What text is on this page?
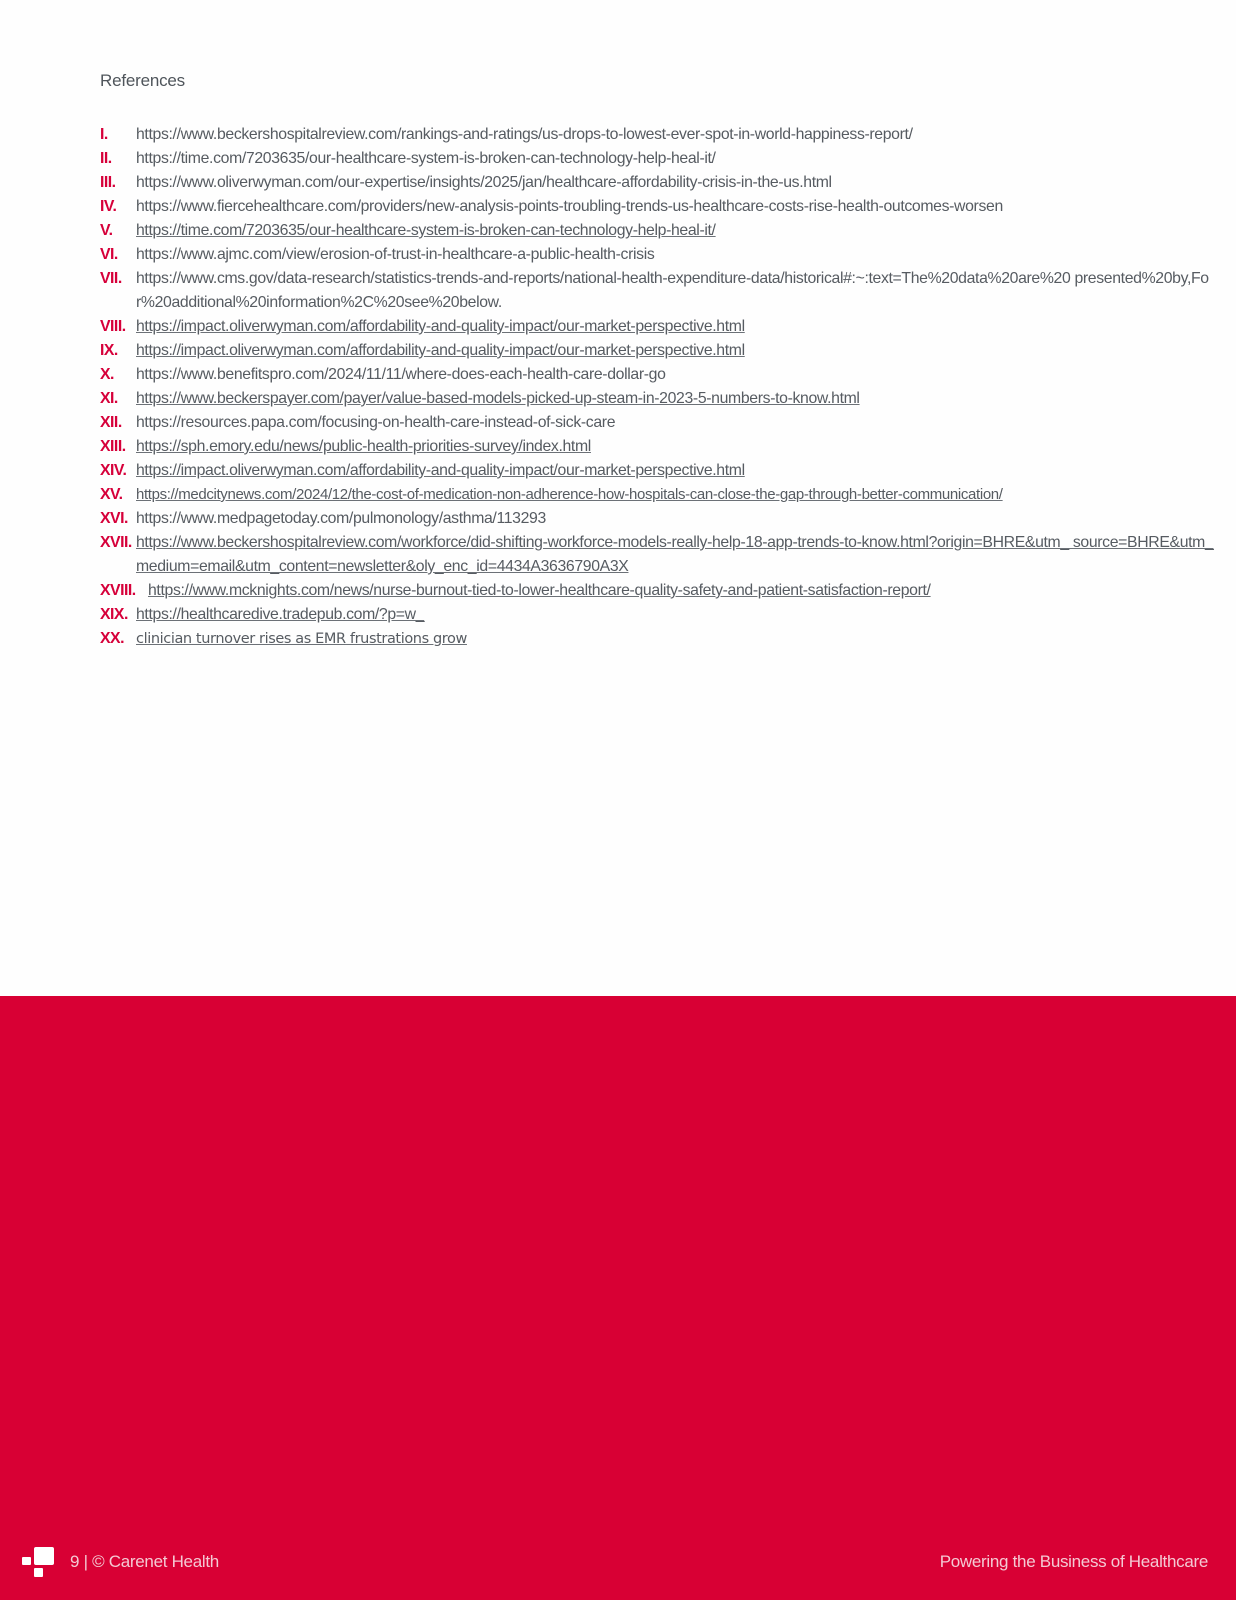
References
I.	https://www.beckershospitalreview.com/rankings-and-ratings/us-drops-to-lowest-ever-spot-in-world-happiness-report/
II.	https://time.com/7203635/our-healthcare-system-is-broken-can-technology-help-heal-it/
III.	https://www.oliverwyman.com/our-expertise/insights/2025/jan/healthcare-affordability-crisis-in-the-us.html
IV.	https://www.fiercehealthcare.com/providers/new-analysis-points-troubling-trends-us-healthcare-costs-rise-health-outcomes-worsen
V.	https://time.com/7203635/our-healthcare-system-is-broken-can-technology-help-heal-it/
VI.	https://www.ajmc.com/view/erosion-of-trust-in-healthcare-a-public-health-crisis
VII. https://www.cms.gov/data-research/statistics-trends-and-reports/national-health-expenditure-data/historical#:~:text=The%20data%20are%20 presented%20by,For%20additional%20information%2C%20see%20below.
VIII. https://impact.oliverwyman.com/affordability-and-quality-impact/our-market-perspective.html
IX.	https://impact.oliverwyman.com/affordability-and-quality-impact/our-market-perspective.html
X.	https://www.benefitspro.com/2024/11/11/where-does-each-health-care-dollar-go
XI.	https://www.beckerspayer.com/payer/value-based-models-picked-up-steam-in-2023-5-numbers-to-know.html
XII. https://resources.papa.com/focusing-on-health-care-instead-of-sick-care
XIII. https://sph.emory.edu/news/public-health-priorities-survey/index.html
XIV. https://impact.oliverwyman.com/affordability-and-quality-impact/our-market-perspective.html
XV. https://medcitynews.com/2024/12/the-cost-of-medication-non-adherence-how-hospitals-can-close-the-gap-through-better-communication/
XVI. https://www.medpagetoday.com/pulmonology/asthma/113293
XVII. https://www.beckershospitalreview.com/workforce/did-shifting-workforce-models-really-help-18-app-trends-to-know.html?origin=BHRE&utm_ source=BHRE&utm_medium=email&utm_content=newsletter&oly_enc_id=4434A3636790A3X
XVIII. https://www.mcknights.com/news/nurse-burnout-tied-to-lower-healthcare-quality-safety-and-patient-satisfaction-report/
XIX. https://healthcaredive.tradepub.com/?p=w_
XX. clinician turnover rises as EMR frustrations grow
9 | © Carenet Health	Powering the Business of Healthcare
